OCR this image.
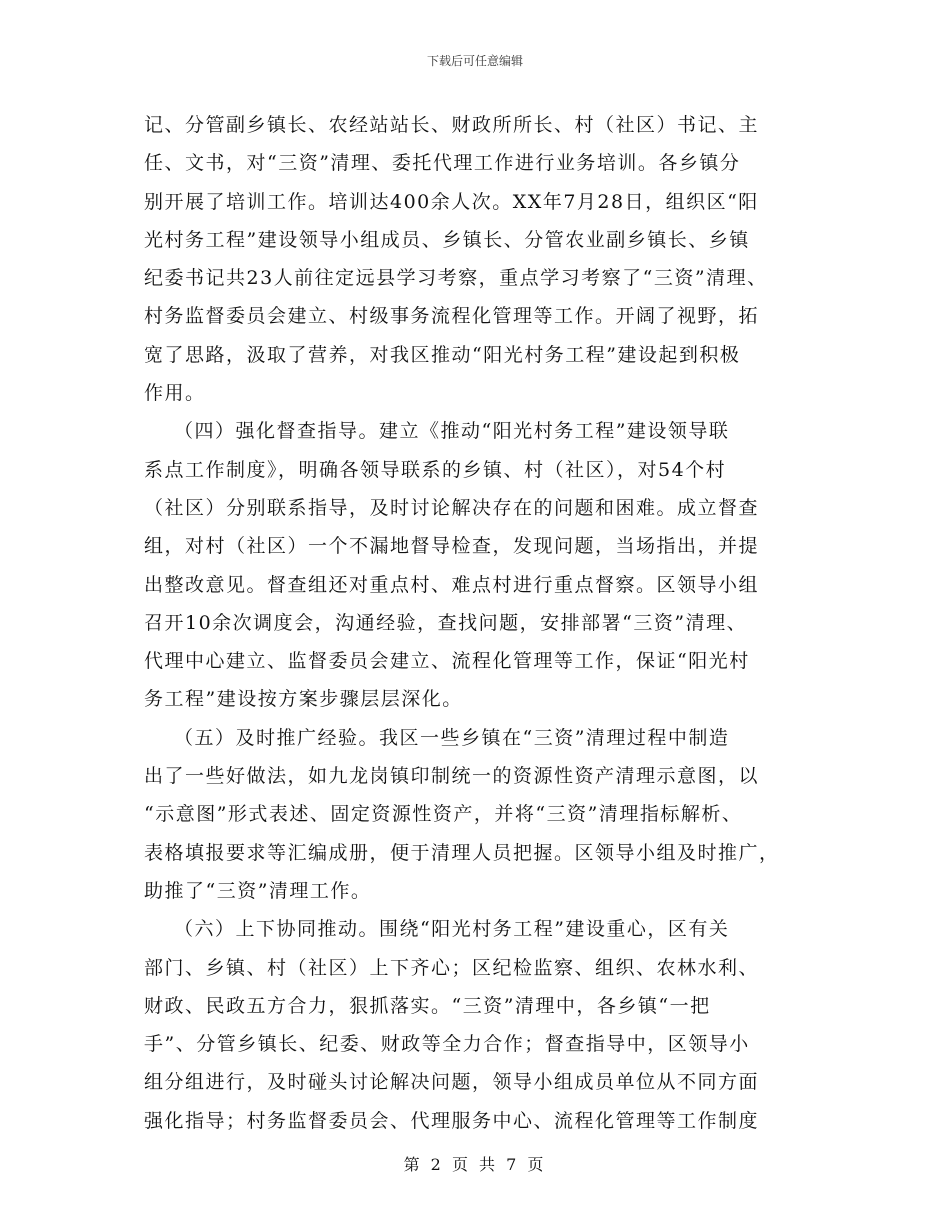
下载后可任意编辑
记、分管副乡镇长、农经站站长、财政所所长、村（社区）书记、主
任、文书，对“三资”清理、委托代理工作进行业务培训。各乡镇分
别开展了培训工作。培训达400余人次。XX年7月28日，组织区“阳
光村务工程”建设领导小组成员、乡镇长、分管农业副乡镇长、乡镇
纪委书记共23人前往定远县学习考察，重点学习考察了“三资”清理、
村务监督委员会建立、村级事务流程化管理等工作。开阔了视野，拓
宽了思路，汲取了营养，对我区推动“阳光村务工程”建设起到积极
作用。
（四）强化督查指导。建立《推动“阳光村务工程”建设领导联
系点工作制度》，明确各领导联系的乡镇、村（社区），对54个村
（社区）分别联系指导，及时讨论解决存在的问题和困难。成立督查
组，对村（社区）一个不漏地督导检查，发现问题，当场指出，并提
出整改意见。督查组还对重点村、难点村进行重点督察。区领导小组
召开10余次调度会，沟通经验，查找问题，安排部署“三资”清理、
代理中心建立、监督委员会建立、流程化管理等工作，保证“阳光村
务工程”建设按方案步骤层层深化。
（五）及时推广经验。我区一些乡镇在“三资”清理过程中制造
出了一些好做法，如九龙岗镇印制统一的资源性资产清理示意图，以
“示意图”形式表述、固定资源性资产，并将“三资”清理指标解析、
表格填报要求等汇编成册，便于清理人员把握。区领导小组及时推广，
助推了“三资”清理工作。
（六）上下协同推动。围绕“阳光村务工程”建设重心，区有关
部门、乡镇、村（社区）上下齐心；区纪检监察、组织、农林水利、
财政、民政五方合力，狠抓落实。“三资”清理中，各乡镇“一把
手”、分管乡镇长、纪委、财政等全力合作；督查指导中，区领导小
组分组进行，及时碰头讨论解决问题，领导小组成员单位从不同方面
强化指导；村务监督委员会、代理服务中心、流程化管理等工作制度
第 2 页 共 7 页
